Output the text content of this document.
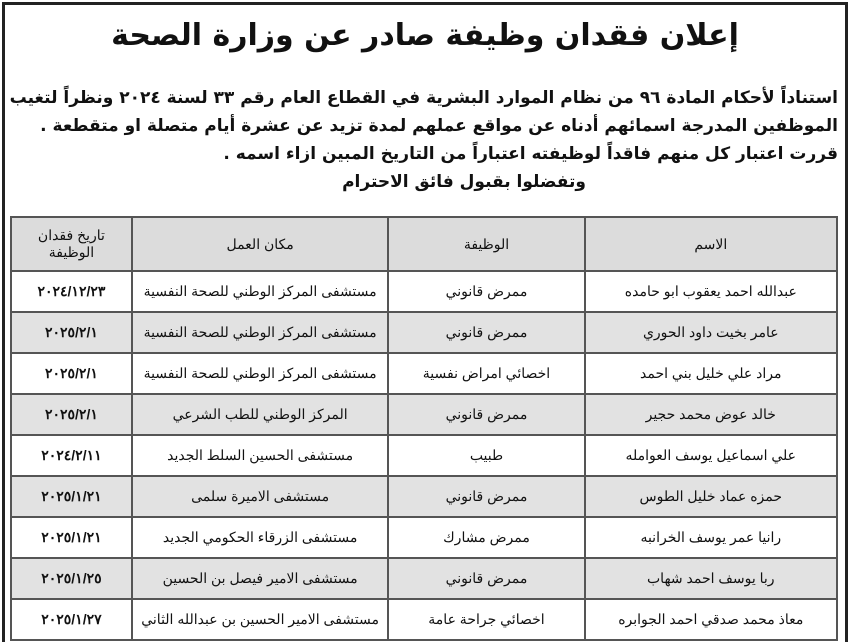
إعلان فقدان وظيفة صادر عن وزارة الصحة
استناداً لأحكام المادة ٩٦ من نظام الموارد البشرية في القطاع العام رقم ٣٣ لسنة ٢٠٢٤ ونظراً لتغيب
الموظفين المدرجة اسمائهم أدناه عن مواقع عملهم لمدة تزيد عن عشرة أيام متصلة او متقطعة .
قررت اعتبار كل منهم فاقداً لوظيفته اعتباراً من التاريخ المبين ازاء اسمه .
وتفضلوا بقبول فائق الاحترام
الاسم	الوظيفة	مكان العمل	تاريخ فقدان الوظيفة
عبدالله احمد يعقوب ابو حامده	ممرض قانوني	مستشفى المركز الوطني للصحة النفسية	٢٠٢٤/١٢/٢٣
عامر بخيت داود الحوري	ممرض قانوني	مستشفى المركز الوطني للصحة النفسية	٢٠٢٥/٢/١
مراد علي خليل بني احمد	اخصائي امراض نفسية	مستشفى المركز الوطني للصحة النفسية	٢٠٢٥/٢/١
خالد عوض محمد حجير	ممرض قانوني	المركز الوطني للطب الشرعي	٢٠٢٥/٢/١
علي اسماعيل يوسف العوامله	طبيب	مستشفى الحسين السلط الجديد	٢٠٢٤/٢/١١
حمزه عماد خليل الطوس	ممرض قانوني	مستشفى الاميرة سلمى	٢٠٢٥/١/٢١
رانيا عمر يوسف الخرانبه	ممرض مشارك	مستشفى الزرقاء الحكومي الجديد	٢٠٢٥/١/٢١
ربا يوسف احمد شهاب	ممرض قانوني	مستشفى الامير فيصل بن الحسين	٢٠٢٥/١/٢٥
معاذ محمد صدقي احمد الجوابره	اخصائي جراحة عامة	مستشفى الامير الحسين بن عبدالله الثاني	٢٠٢٥/١/٢٧
